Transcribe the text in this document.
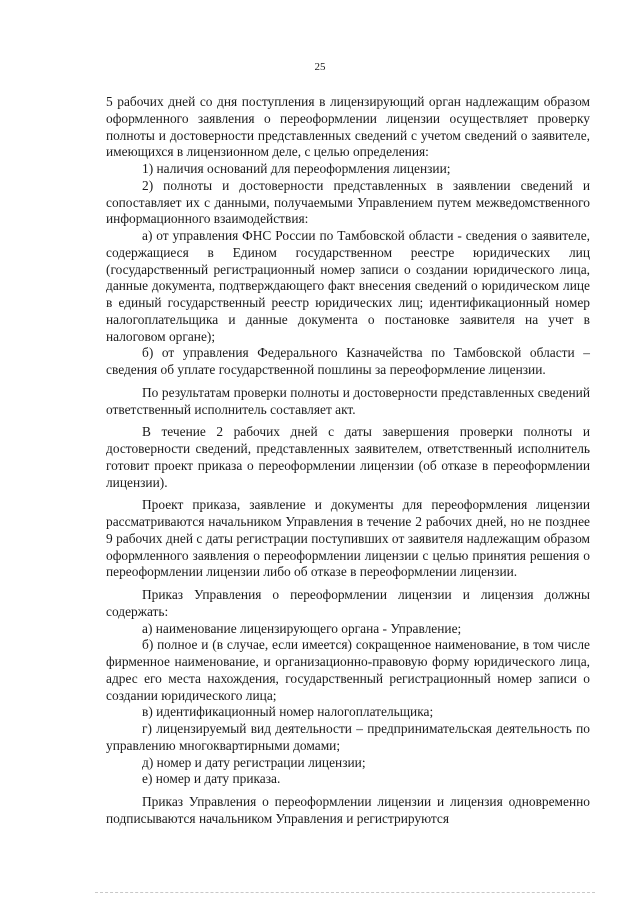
25

5 рабочих дней со дня поступления в лицензирующий орган надлежащим образом оформленного заявления о переоформлении лицензии осуществляет проверку полноты и достоверности представленных сведений с учетом сведений о заявителе, имеющихся в лицензионном деле, с целью определения:

1) наличия оснований для переоформления лицензии;

2) полноты и достоверности представленных в заявлении сведений и сопоставляет их с данными, получаемыми Управлением путем межведомственного информационного взаимодействия:

а) от управления ФНС России по Тамбовской области - сведения о заявителе, содержащиеся в Едином государственном реестре юридических лиц (государственный регистрационный номер записи о создании юридического лица, данные документа, подтверждающего факт внесения сведений о юридическом лице в единый государственный реестр юридических лиц; идентификационный номер налогоплательщика и данные документа о постановке заявителя на учет в налоговом органе);

б) от управления Федерального Казначейства по Тамбовской области – сведения об уплате государственной пошлины за переоформление лицензии.

По результатам проверки полноты и достоверности представленных сведений ответственный исполнитель составляет акт.

В течение 2 рабочих дней с даты завершения проверки полноты и достоверности сведений, представленных заявителем, ответственный исполнитель готовит проект приказа о переоформлении лицензии (об отказе в переоформлении лицензии).

Проект приказа, заявление и документы для переоформления лицензии рассматриваются начальником Управления в течение 2 рабочих дней, но не позднее 9 рабочих дней с даты регистрации поступивших от заявителя надлежащим образом оформленного заявления о переоформлении лицензии с целью принятия решения о переоформлении лицензии либо об отказе в переоформлении лицензии.

Приказ Управления о переоформлении лицензии и лицензия должны содержать:

а) наименование лицензирующего органа - Управление;

б) полное и (в случае, если имеется) сокращенное наименование, в том числе фирменное наименование, и организационно-правовую форму юридического лица, адрес его места нахождения, государственный регистрационный номер записи о создании юридического лица;

в) идентификационный номер налогоплательщика;

г) лицензируемый вид деятельности – предпринимательская деятельность по управлению многоквартирными домами;

д) номер и дату регистрации лицензии;

е) номер и дату приказа.

Приказ Управления о переоформлении лицензии и лицензия одновременно подписываются начальником Управления и регистрируются
